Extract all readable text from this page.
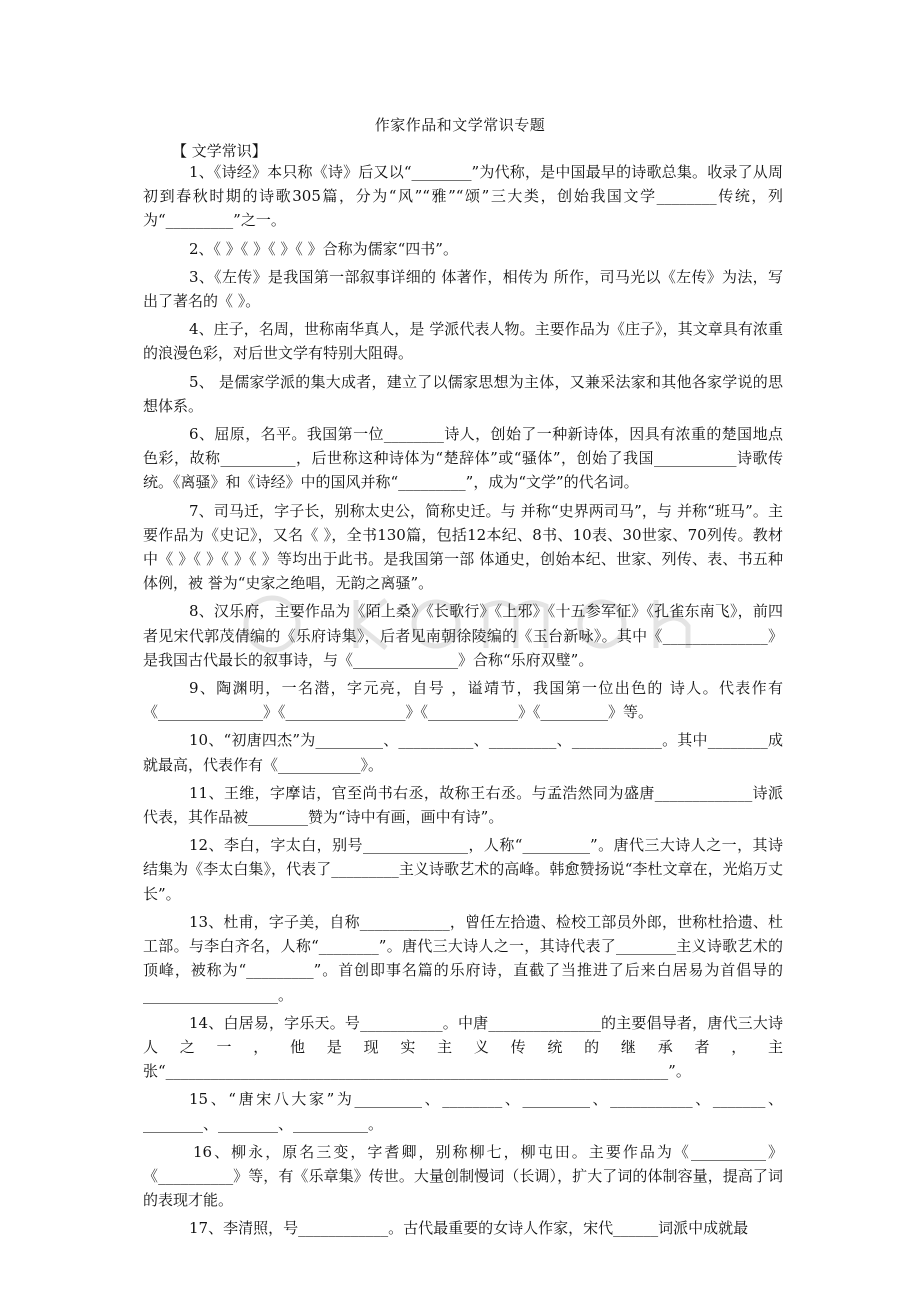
作家作品和文学常识专题
【 文学常识】

1、《诗经》本只称《诗》后又以“________”为代称，是中国最早的诗歌总集。收录了从周初到春秋时期的诗歌305篇，分为“风”“雅”“颂”三大类，创始我国文学________传统，列为“_________”之一。

2、《 》《 》《 》《 》合称为儒家“四书”。

3、《左传》是我国第一部叙事详细的 体著作，相传为 所作，司马光以《左传》为法，写出了著名的《 》。

4、庄子，名周，世称南华真人，是 学派代表人物。主要作品为《庄子》，其文章具有浓重的浪漫色彩，对后世文学有特别大阻碍。

5、 是儒家学派的集大成者，建立了以儒家思想为主体，又兼采法家和其他各家学说的思想体系。

6、屈原，名平。我国第一位________诗人，创始了一种新诗体，因具有浓重的楚国地点色彩，故称__________，后世称这种诗体为“楚辞体”或“骚体”，创始了我国___________诗歌传统。《离骚》和《诗经》中的国风并称“_________”，成为“文学”的代名词。

7、司马迁，字子长，别称太史公，简称史迁。与 并称“史界两司马”，与 并称“班马”。主要作品为《史记》，又名《 》，全书130篇，包括12本纪、8书、10表、30世家、70列传。教材中《 》《 》《 》《 》等均出于此书。是我国第一部 体通史，创始本纪、世家、列传、表、书五种体例，被 誉为“史家之绝唱，无韵之离骚”。

8、汉乐府，主要作品为《陌上桑》《长歌行》《上邪》《十五参军征》《孔雀东南飞》，前四者见宋代郭茂倩编的《乐府诗集》，后者见南朝徐陵编的《玉台新咏》。其中《______________》是我国古代最长的叙事诗，与《______________》合称“乐府双璧”。

9、陶渊明，一名潜，字元亮，自号 ，谥靖节，我国第一位出色的 诗人。代表作有《______________》《________________》《____________》《_________》等。

10、“初唐四杰”为_________、__________、_________、____________。其中________成就最高，代表作有《___________》。

11、王维，字摩诘，官至尚书右丞，故称王右丞。与孟浩然同为盛唐_____________诗派代表，其作品被________赞为“诗中有画，画中有诗”。

12、李白，字太白，别号______________，人称“_________”。唐代三大诗人之一，其诗结集为《李太白集》，代表了_________主义诗歌艺术的高峰。韩愈赞扬说“李杜文章在，光焰万丈长”。

13、杜甫，字子美，自称____________，曾任左拾遗、检校工部员外郎，世称杜拾遗、杜工部。与李白齐名，人称“________”。唐代三大诗人之一，其诗代表了________主义诗歌艺术的顶峰，被称为“_________”。首创即事名篇的乐府诗，直截了当推进了后来白居易为首倡导的__________________。

14、白居易，字乐天。号___________。中唐_______________的主要倡导者，唐代三大诗人之一，他是现实主义传统的继承者，主张“___________________________________________________________________”。

15、“唐宋八大家”为_________、________、_________、___________、_______、________、________、__________。

16、柳永，原名三变，字耆卿，别称柳七，柳屯田。主要作品为《__________》《__________》等，有《乐章集》传世。大量创制慢词（长调），扩大了词的体制容量，提高了词的表现才能。

17、李清照，号____________。古代最重要的女诗人作家，宋代______词派中成就最
